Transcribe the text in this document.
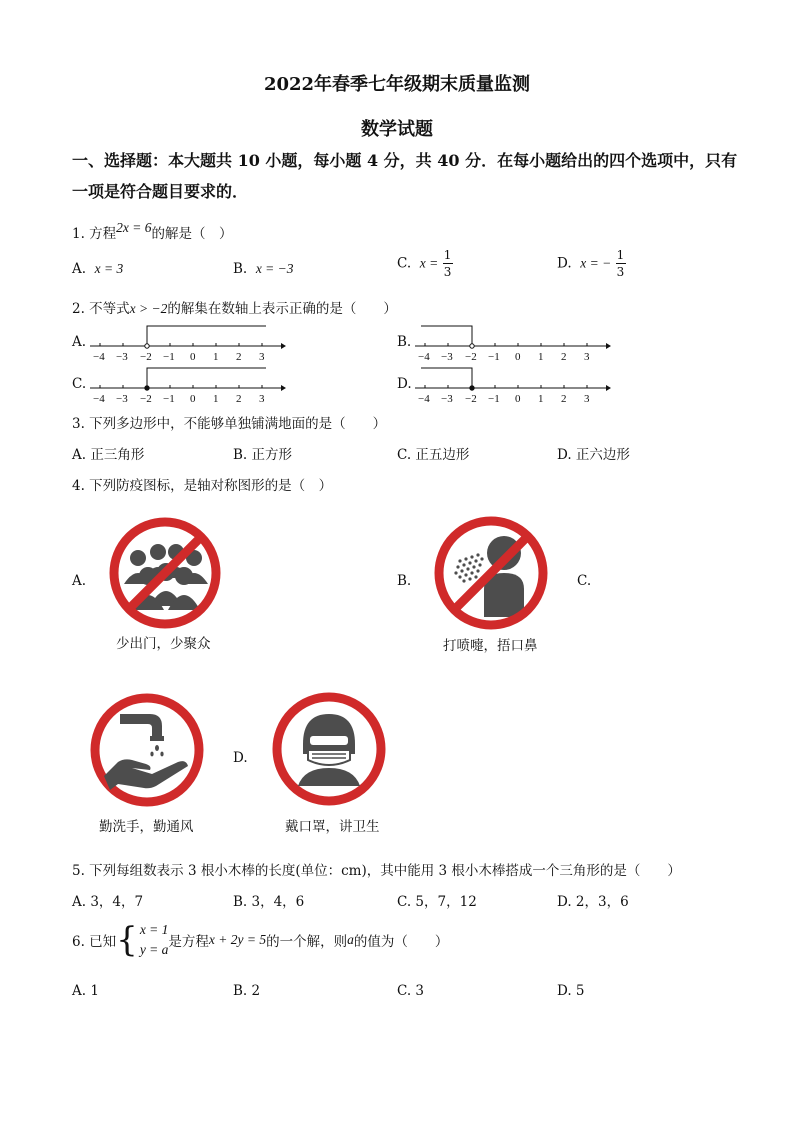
2022年春季七年级期末质量监测
数学试题
一、选择题：本大题共 10 小题，每小题 4 分，共 40 分．在每小题给出的四个选项中，只有
一项是符合题目要求的．
1. 方程2x = 6的解是（　）
A. x = 3	B. x = −3	C. $x = \frac{1}{3}$	D. x = − $\frac{1}{3}$
2. 不等式x > −2的解集在数轴上表示正确的是（　　）
A.	B.
C.	D.
−4 −3 −2 −1 0 1 2 3	−4 −3 −2 −1 0 1 2 3
−4 −3 −2 −1 0 1 2 3	−4 −3 −2 −1 0 1 2 3
3. 下列多边形中，不能够单独铺满地面的是（　　）
A. 正三角形	B. 正方形	C. 正五边形	D. 正六边形
4. 下列防疫图标，是轴对称图形的是（　）
A.	B.	C.
D.
少出门，少聚众	打喷嚏，捂口鼻
勤洗手，勤通风	戴口罩，讲卫生
5. 下列每组数表示 3 根小木棒的长度(单位：cm)，其中能用 3 根小木棒搭成一个三角形的是（　　）
A. 3，4，7	B. 3，4，6	C. 5，7，12	D. 2，3，6
6. 已知 { x = 1
y = a 是方程x + 2y = 5的一个解，则a的值为（　　）
A. 1	B. 2	C. 3	D. 5
